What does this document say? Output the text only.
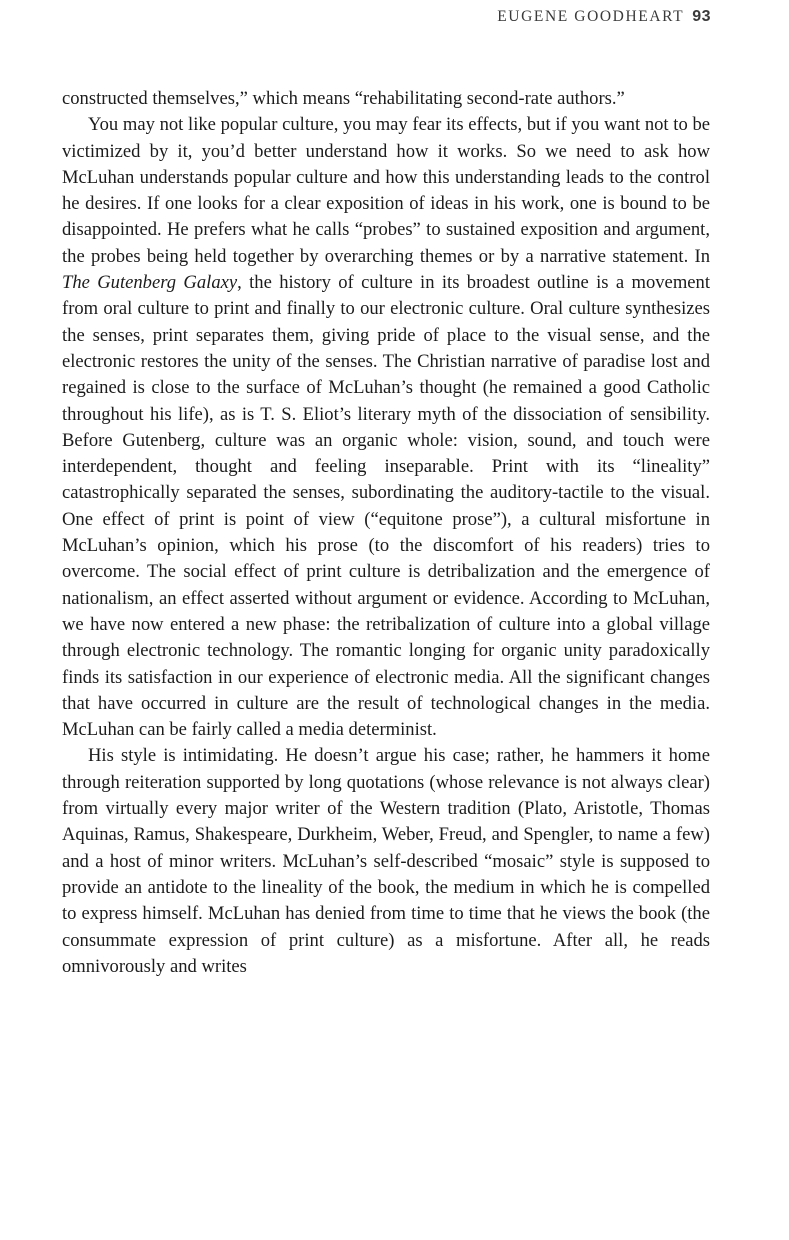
EUGENE GOODHEART 93

constructed themselves,” which means “rehabilitating second-rate authors.”

You may not like popular culture, you may fear its effects, but if you want not to be victimized by it, you’d better understand how it works. So we need to ask how McLuhan understands popular culture and how this understanding leads to the control he desires. If one looks for a clear exposition of ideas in his work, one is bound to be disappointed. He prefers what he calls “probes” to sustained exposition and argument, the probes being held together by overarching themes or by a narrative statement. In The Gutenberg Galaxy, the history of culture in its broadest outline is a movement from oral culture to print and finally to our electronic culture. Oral culture synthesizes the senses, print separates them, giving pride of place to the visual sense, and the electronic restores the unity of the senses. The Christian narrative of paradise lost and regained is close to the surface of McLuhan’s thought (he remained a good Catholic throughout his life), as is T. S. Eliot’s literary myth of the dissociation of sensibility. Before Gutenberg, culture was an organic whole: vision, sound, and touch were interdependent, thought and feeling inseparable. Print with its “lineality” catastrophically separated the senses, subordinating the auditory-tactile to the visual. One effect of print is point of view (“equitone prose”), a cultural misfortune in McLuhan’s opinion, which his prose (to the discomfort of his readers) tries to overcome. The social effect of print culture is detribalization and the emergence of nationalism, an effect asserted without argument or evidence. According to McLuhan, we have now entered a new phase: the retribalization of culture into a global village through electronic technology. The romantic longing for organic unity paradoxically finds its satisfaction in our experience of electronic media. All the significant changes that have occurred in culture are the result of technological changes in the media. McLuhan can be fairly called a media determinist.

His style is intimidating. He doesn’t argue his case; rather, he hammers it home through reiteration supported by long quotations (whose relevance is not always clear) from virtually every major writer of the Western tradition (Plato, Aristotle, Thomas Aquinas, Ramus, Shakespeare, Durkheim, Weber, Freud, and Spengler, to name a few) and a host of minor writers. McLuhan’s self-described “mosaic” style is supposed to provide an antidote to the lineality of the book, the medium in which he is compelled to express himself. McLuhan has denied from time to time that he views the book (the consummate expression of print culture) as a misfortune. After all, he reads omnivorously and writes
